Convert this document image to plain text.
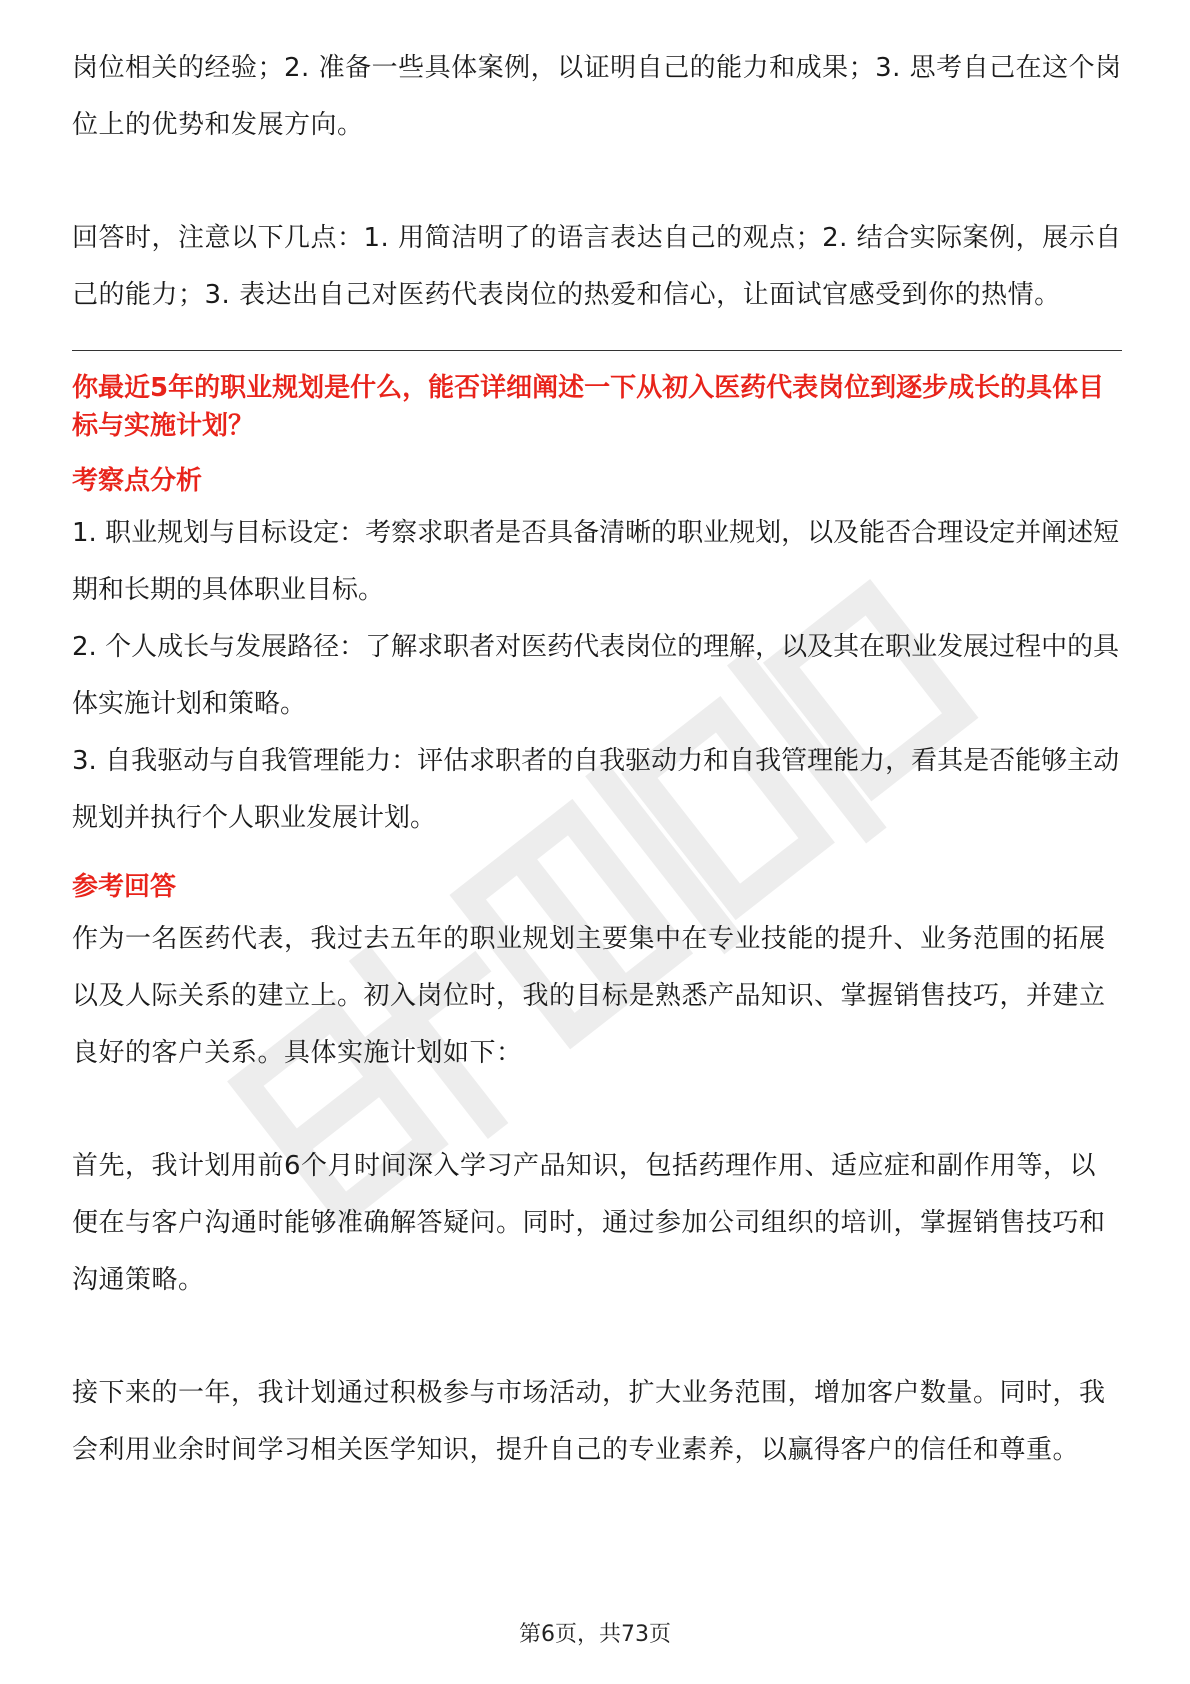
岗位相关的经验；2. 准备一些具体案例，以证明自己的能力和成果；3. 思考自己在这个岗位上的优势和发展方向。

回答时，注意以下几点：1. 用简洁明了的语言表达自己的观点；2. 结合实际案例，展示自己的能力；3. 表达出自己对医药代表岗位的热爱和信心，让面试官感受到你的热情。

你最近5年的职业规划是什么，能否详细阐述一下从初入医药代表岗位到逐步成长的具体目标与实施计划？

考察点分析

1. 职业规划与目标设定：考察求职者是否具备清晰的职业规划，以及能否合理设定并阐述短期和长期的具体职业目标。

2. 个人成长与发展路径：了解求职者对医药代表岗位的理解，以及其在职业发展过程中的具体实施计划和策略。

3. 自我驱动与自我管理能力：评估求职者的自我驱动力和自我管理能力，看其是否能够主动规划并执行个人职业发展计划。

参考回答

作为一名医药代表，我过去五年的职业规划主要集中在专业技能的提升、业务范围的拓展以及人际关系的建立上。初入岗位时，我的目标是熟悉产品知识、掌握销售技巧，并建立良好的客户关系。具体实施计划如下：

首先，我计划用前6个月时间深入学习产品知识，包括药理作用、适应症和副作用等，以便在与客户沟通时能够准确解答疑问。同时，通过参加公司组织的培训，掌握销售技巧和沟通策略。

接下来的一年，我计划通过积极参与市场活动，扩大业务范围，增加客户数量。同时，我会利用业余时间学习相关医学知识，提升自己的专业素养，以赢得客户的信任和尊重。

第6页，共73页
